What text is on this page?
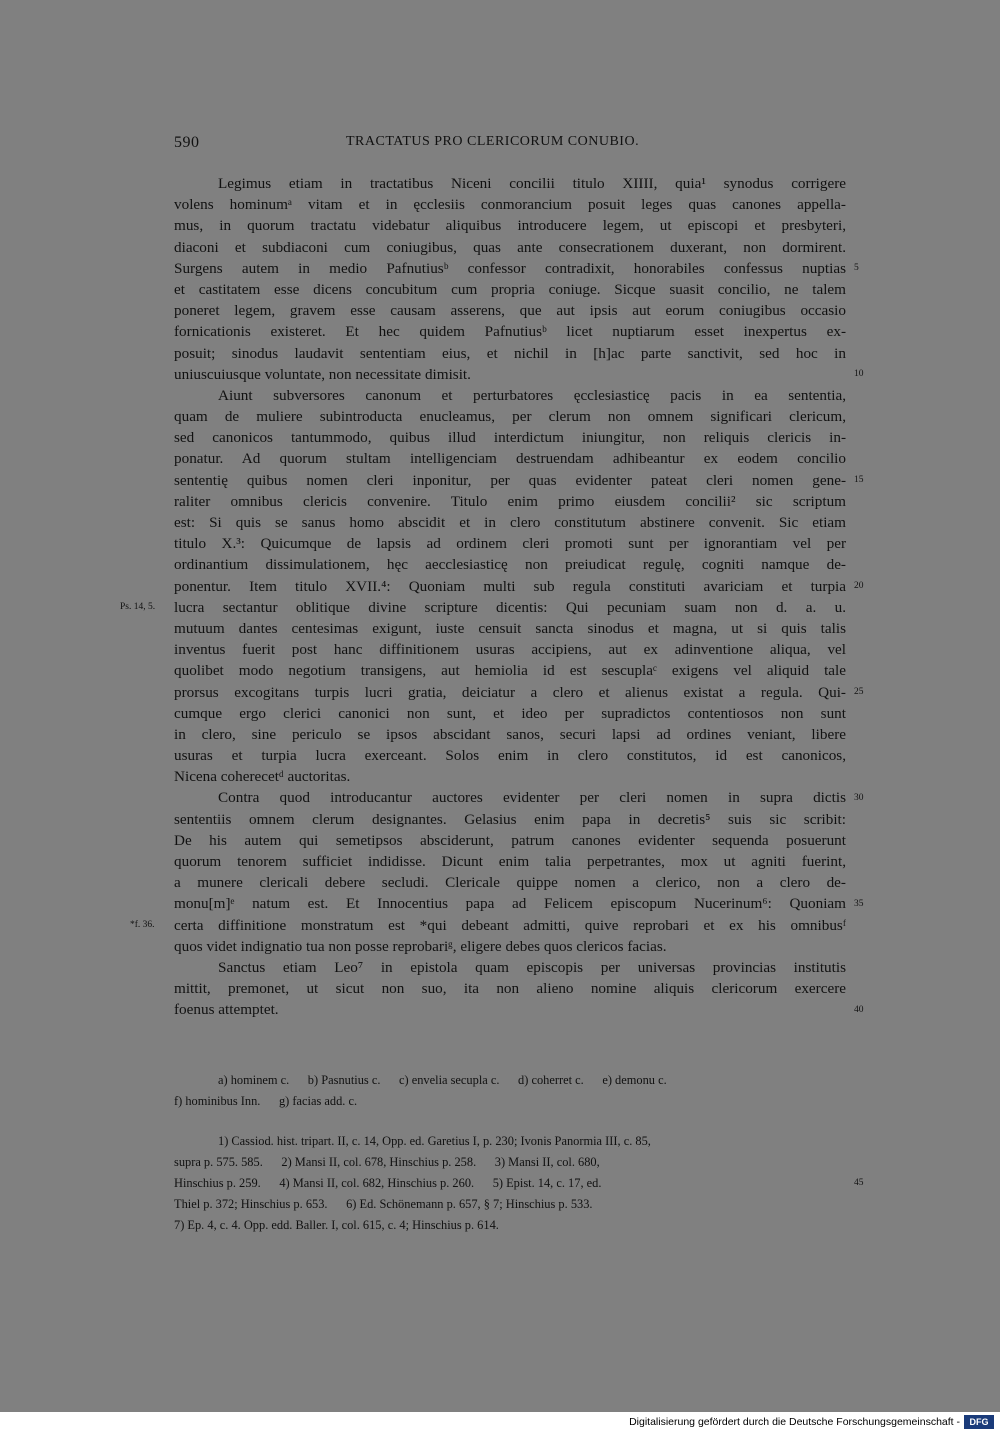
590	TRACTATUS PRO CLERICORUM CONUBIO.
Legimus etiam in tractatibus Niceni concilii titulo XIIII, quia¹ synodus corrigere
volens hominumᵃ vitam et in ęcclesiis conmorancium posuit leges quas canones appella-
mus, in quorum tractatu videbatur aliquibus introducere legem, ut episcopi et presbyteri,
diaconi et subdiaconi cum coniugibus, quas ante consecrationem duxerant, non dormirent.
Surgens autem in medio Pafnutiusᵇ confessor contradixit, honorabiles confessus nuptias
et castitatem esse dicens concubitum cum propria coniuge. Sicque suasit concilio, ne talem
poneret legem, gravem esse causam asserens, que aut ipsis aut eorum coniugibus occasio
fornicationis existeret. Et hec quidem Pafnutiusᵇ licet nuptiarum esset inexpertus ex-
posuit; sinodus laudavit sententiam eius, et nichil in [h]ac parte sanctivit, sed hoc in
uniuscuiusque voluntate, non necessitate dimisit.
Aiunt subversores canonum et perturbatores ęcclesiasticę pacis in ea sententia,
quam de muliere subintroducta enucleamus, per clerum non omnem significari clericum,
sed canonicos tantummodo, quibus illud interdictum iniungitur, non reliquis clericis in-
ponatur. Ad quorum stultam intelligenciam destruendam adhibeantur ex eodem concilio
sententię quibus nomen cleri inponitur, per quas evidenter pateat cleri nomen gene-
raliter omnibus clericis convenire. Titulo enim primo eiusdem concilii² sic scriptum
est: Si quis se sanus homo abscidit et in clero constitutum abstinere convenit. Sic etiam
titulo X.³: Quicumque de lapsis ad ordinem cleri promoti sunt per ignorantiam vel per
ordinantium dissimulationem, hęc aecclesiasticę non preiudicat regulę, cogniti namque de-
ponentur. Item titulo XVII.⁴: Quoniam multi sub regula constituti avariciam et turpia
lucra sectantur oblitique divine scripture dicentis: Qui pecuniam suam non d. a. u.
mutuum dantes centesimas exigunt, iuste censuit sancta sinodus et magna, ut si quis talis
inventus fuerit post hanc diffinitionem usuras accipiens, aut ex adinventione aliqua, vel
quolibet modo negotium transigens, aut hemiolia id est sescuplaᶜ exigens vel aliquid tale
prorsus excogitans turpis lucri gratia, deiciatur a clero et alienus existat a regula. Qui-
cumque ergo clerici canonici non sunt, et ideo per supradictos contentiosos non sunt
in clero, sine periculo se ipsos abscidant sanos, securi lapsi ad ordines veniant, libere
usuras et turpia lucra exerceant. Solos enim in clero constitutos, id est canonicos,
Nicena coherecetᵈ auctoritas.
Contra quod introducantur auctores evidenter per cleri nomen in supra dictis
sententiis omnem clerum designantes. Gelasius enim papa in decretis⁵ suis sic scribit:
De his autem qui semetipsos absciderunt, patrum canones evidenter sequenda posuerunt
quorum tenorem sufficiet indidisse. Dicunt enim talia perpetrantes, mox ut agniti fuerint,
a munere clericali debere secludi. Clericale quippe nomen a clerico, non a clero de-
monu[m]ᵉ natum est. Et Innocentius papa ad Felicem episcopum Nucerinum⁶: Quoniam
certa diffinitione monstratum est *qui debeant admitti, quive reprobari et ex his omnibusᶠ
quos videt indignatio tua non posse reprobariᵍ, eligere debes quos clericos facias.
Sanctus etiam Leo⁷ in epistola quam episcopis per universas provincias institutis
mittit, premonet, ut sicut non suo, ita non alieno nomine aliquis clericorum exercere
foenus attemptet.
5
10
15
20
Ps. 14, 5.
25
30
35
*f. 36.
40
45
a) hominem c.      b) Pasnutius c.      c) envelia secupla c.      d) coherret c.      e) demonu c.
f) hominibus Inn.      g) facias add. c.
1) Cassiod. hist. tripart. II, c. 14, Opp. ed. Garetius I, p. 230; Ivonis Panormia III, c. 85,
supra p. 575. 585.      2) Mansi II, col. 678, Hinschius p. 258.      3) Mansi II, col. 680,
Hinschius p. 259.      4) Mansi II, col. 682, Hinschius p. 260.      5) Epist. 14, c. 17, ed.
Thiel p. 372; Hinschius p. 653.      6) Ed. Schönemann p. 657, § 7; Hinschius p. 533.
7) Ep. 4, c. 4. Opp. edd. Baller. I, col. 615, c. 4; Hinschius p. 614.
Digitalisierung gefördert durch die Deutsche Forschungsgemeinschaft -	DFG
